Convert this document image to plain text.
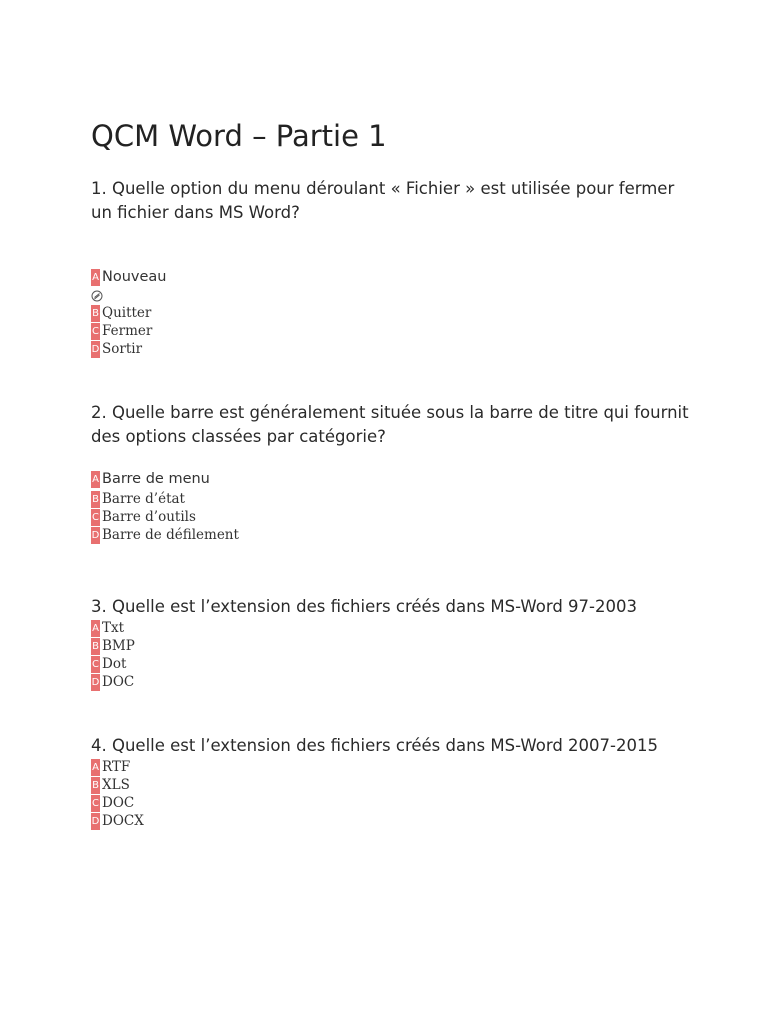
QCM Word – Partie 1

1. Quelle option du menu déroulant « Fichier » est utilisée pour fermer un fichier dans MS Word?

A Nouveau
B Quitter
C Fermer
D Sortir

2. Quelle barre est généralement située sous la barre de titre qui fournit des options classées par catégorie?

A Barre de menu
B Barre d’état
C Barre d’outils
D Barre de défilement

3. Quelle est l’extension des fichiers créés dans MS-Word 97-2003

A Txt
B BMP
C Dot
D DOC

4. Quelle est l’extension des fichiers créés dans MS-Word 2007-2015

A RTF
B XLS
C DOC
D DOCX
